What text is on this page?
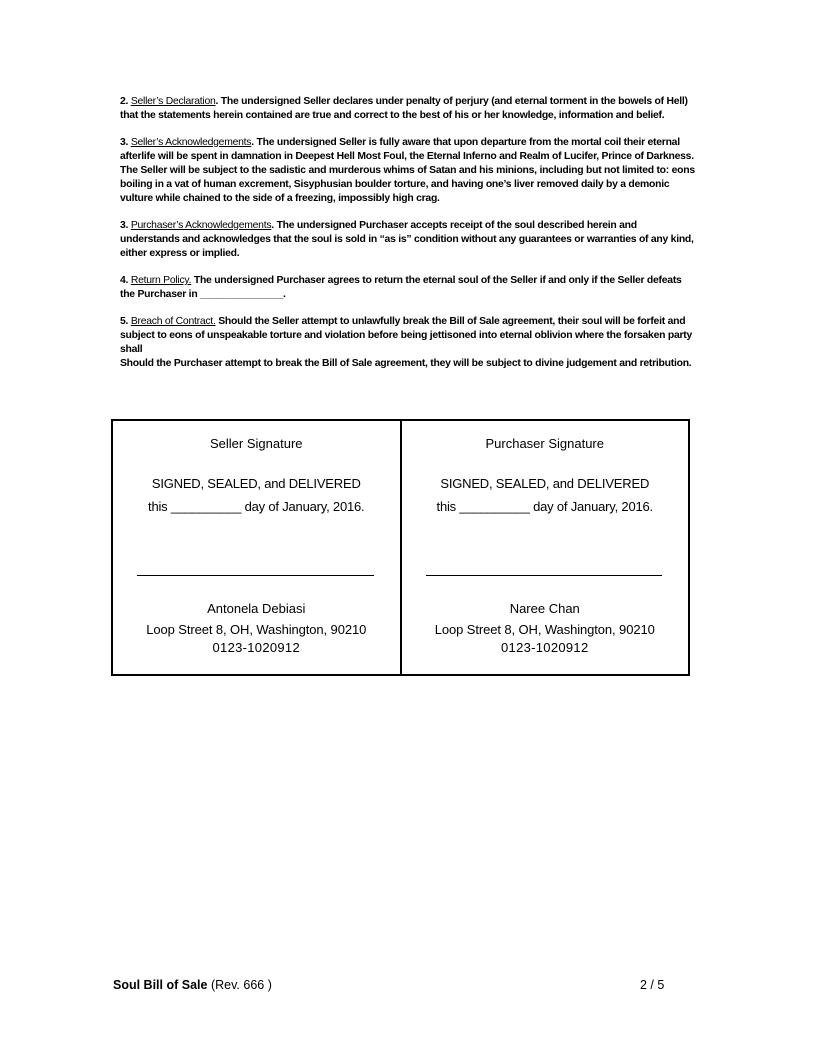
2. Seller’s Declaration. The undersigned Seller declares under penalty of perjury (and eternal torment in the bowels of Hell) that the statements herein contained are true and correct to the best of his or her knowledge, information and belief.

3. Seller’s Acknowledgements. The undersigned Seller is fully aware that upon departure from the mortal coil their eternal afterlife will be spent in damnation in Deepest Hell Most Foul, the Eternal Inferno and Realm of Lucifer, Prince of Darkness. The Seller will be subject to the sadistic and murderous whims of Satan and his minions, including but not limited to: eons boiling in a vat of human excrement, Sisyphusian boulder torture, and having one’s liver removed daily by a demonic vulture while chained to the side of a freezing, impossibly high crag.

3. Purchaser’s Acknowledgements. The undersigned Purchaser accepts receipt of the soul described herein and understands and acknowledges that the soul is sold in “as is” condition without any guarantees or warranties of any kind, either express or implied.

4. Return Policy. The undersigned Purchaser agrees to return the eternal soul of the Seller if and only if the Seller defeats the Purchaser in _______________.

5. Breach of Contract. Should the Seller attempt to unlawfully break the Bill of Sale agreement, their soul will be forfeit and subject to eons of unspeakable torture and violation before being jettisoned into eternal oblivion where the forsaken party shall
Should the Purchaser attempt to break the Bill of Sale agreement, they will be subject to divine judgement and retribution.

Seller Signature
SIGNED, SEALED, and DELIVERED
this __________ day of January, 2016.
Antonela Debiasi
Loop Street 8, OH, Washington, 90210
0123-1020912
Purchaser Signature
SIGNED, SEALED, and DELIVERED
this __________ day of January, 2016.
Naree Chan
Loop Street 8, OH, Washington, 90210
0123-1020912
Soul Bill of Sale (Rev. 666 )	2 / 5
